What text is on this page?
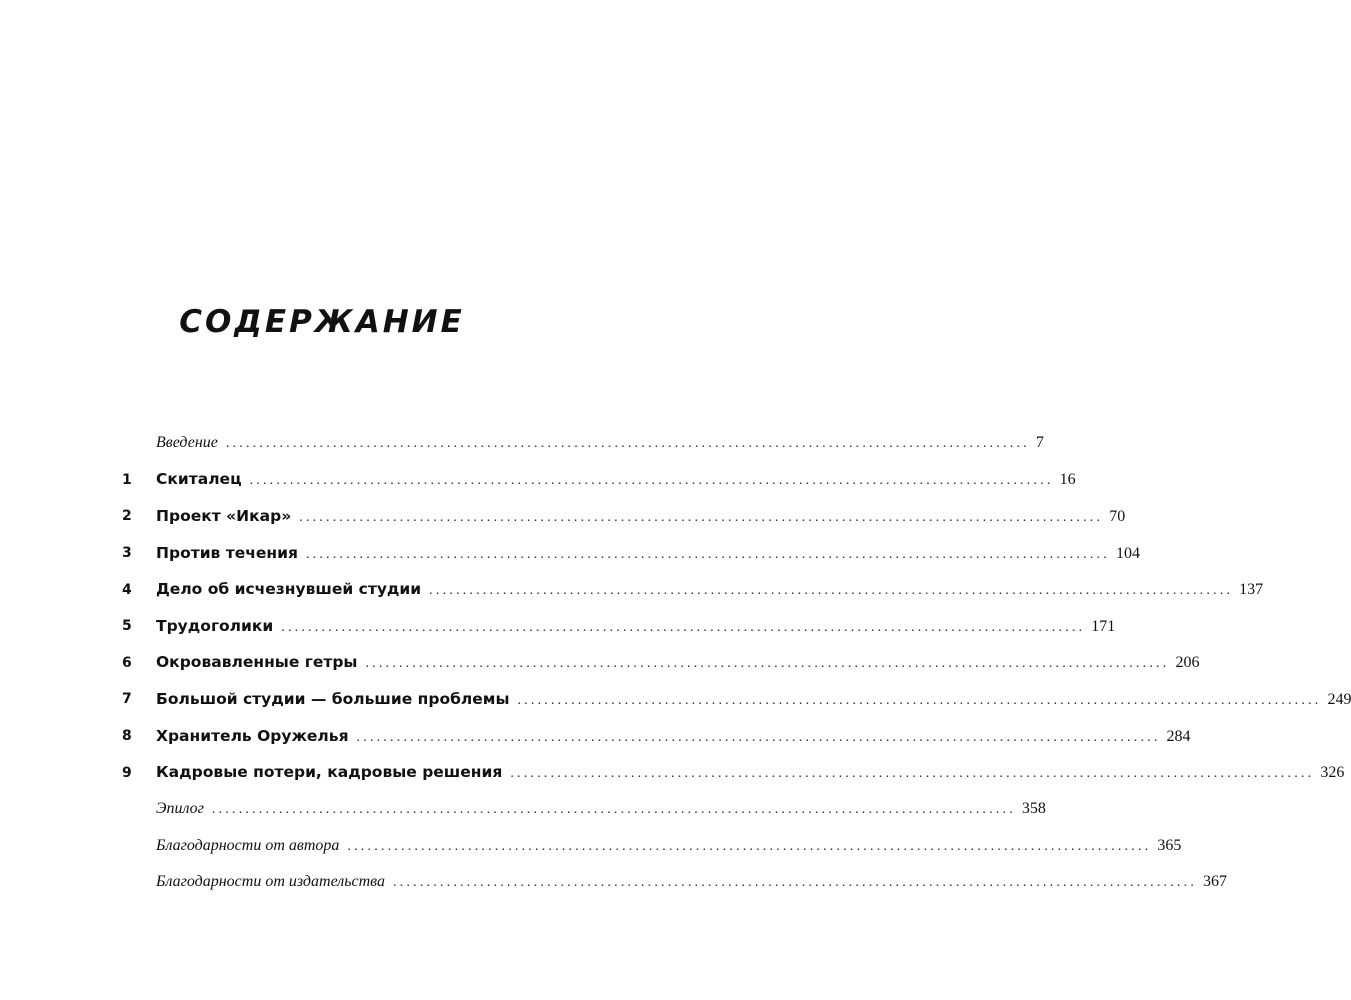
СОДЕРЖАНИЕ
Введение ........................................................................................................................ 7
1	Скиталец ........................................................................................................................ 16
2	Проект «Икар» ........................................................................................................................ 70
3	Против течения ........................................................................................................................ 104
4	Дело об исчезнувшей студии ........................................................................................................................ 137
5	Трудоголики ........................................................................................................................ 171
6	Окровавленные гетры ........................................................................................................................ 206
7	Большой студии — большие проблемы ........................................................................................................................ 249
8	Хранитель Оружелья ........................................................................................................................ 284
9	Кадровые потери, кадровые решения ........................................................................................................................ 326
Эпилог ........................................................................................................................ 358
Благодарности от автора ........................................................................................................................ 365
Благодарности от издательства ........................................................................................................................ 367
